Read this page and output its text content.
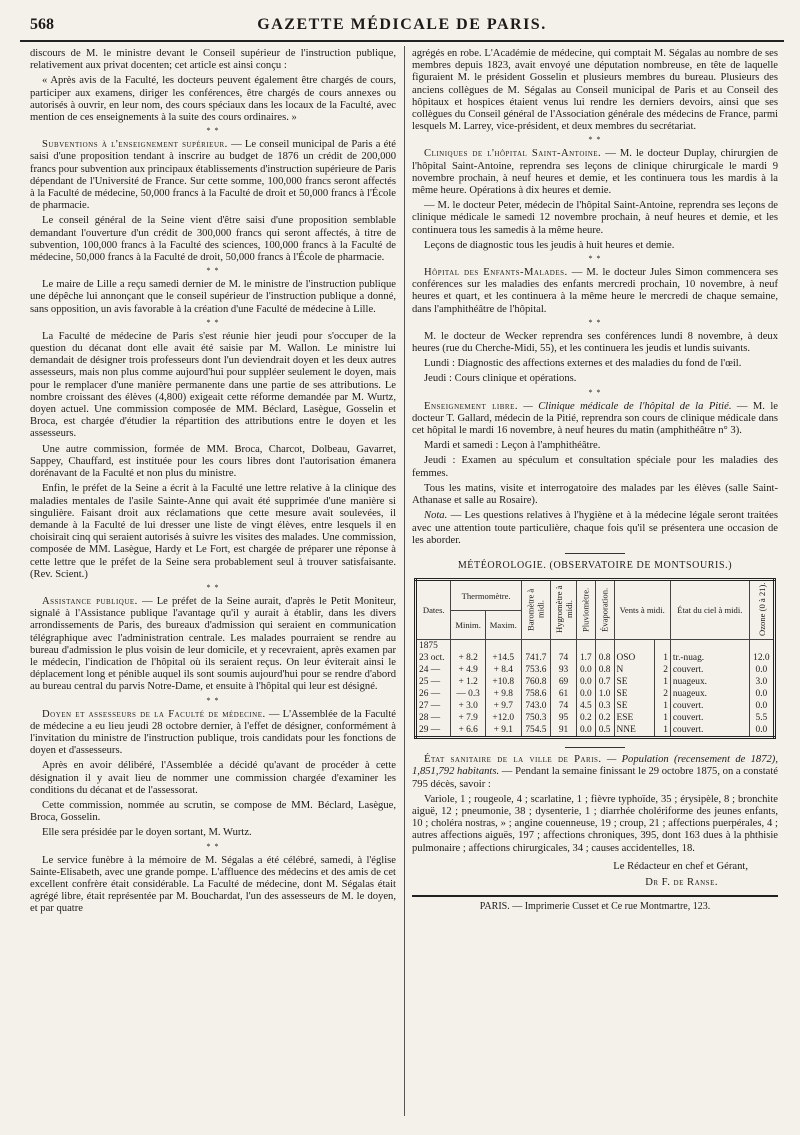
568	GAZETTE MÉDICALE DE PARIS.

discours de M. le ministre devant le Conseil supérieur de l'instruction publique, relativement aux privat docenten; cet article est ainsi conçu :

« Après avis de la Faculté, les docteurs peuvent également être chargés de cours, participer aux examens, diriger les conférences, être chargés de cours annexes ou autorisés à ouvrir, en leur nom, des cours spéciaux dans les locaux de la Faculté, avec mention de ces enseignements à la suite des cours ordinaires. »

* *

Subventions à l'enseignement supérieur. — Le conseil municipal de Paris a été saisi d'une proposition tendant à inscrire au budget de 1876 un crédit de 200,000 francs pour subvention aux principaux établissements d'instruction supérieure de Paris dépendant de l'Université de France. Sur cette somme, 100,000 francs seront affectés à la Faculté de médecine, 50,000 francs à la Faculté de droit et 50,000 francs à l'École de pharmacie.

Le conseil général de la Seine vient d'être saisi d'une proposition semblable demandant l'ouverture d'un crédit de 300,000 francs qui seront affectés, à titre de subvention, 100,000 francs à la Faculté des sciences, 100,000 francs à la Faculté de médecine, 50,000 francs à la Faculté de droit, 50,000 francs à l'École de pharmacie.

* *

Le maire de Lille a reçu samedi dernier de M. le ministre de l'instruction publique une dépêche lui annonçant que le conseil supérieur de l'instruction publique a donné, sans opposition, un avis favorable à la création d'une Faculté de médecine à Lille.

* *

La Faculté de médecine de Paris s'est réunie hier jeudi pour s'occuper de la question du décanat dont elle avait été saisie par M. Wallon. Le ministre lui demandait de désigner trois professeurs dont l'un deviendrait doyen et les deux autres assesseurs, mais non plus comme aujourd'hui pour suppléer seulement le doyen, mais pour le remplacer d'une manière permanente dans une partie de ses attributions. Le nombre croissant des élèves (4,800) exigeait cette réforme demandée par M. Wurtz, doyen actuel. Une commission composée de MM. Béclard, Lasègue, Gosselin et Broca, est chargée d'étudier la répartition des attributions entre le doyen et les assesseurs.

Une autre commission, formée de MM. Broca, Charcot, Dolbeau, Gavarret, Sappey, Chauffard, est instituée pour les cours libres dont l'autorisation émanera dorénavant de la Faculté et non plus du ministre.

Enfin, le préfet de la Seine a écrit à la Faculté une lettre relative à la clinique des maladies mentales de l'asile Sainte-Anne qui avait été supprimée d'une manière si singulière. Faisant droit aux réclamations que cette mesure avait soulevées, il demande à la Faculté de lui dresser une liste de vingt élèves, entre lesquels il en choisirait cinq qui seraient autorisés à suivre les visites des malades. Une commission, composée de MM. Lasègue, Hardy et Le Fort, est chargée de préparer une réponse à cette lettre que le préfet de la Seine sera probablement seul à trouver satisfaisante. (Rev. Scient.)

* *

Assistance publique. — Le préfet de la Seine aurait, d'après le Petit Moniteur, signalé à l'Assistance publique l'avantage qu'il y aurait à établir, dans les divers arrondissements de Paris, des bureaux d'admission qui seraient en communication télégraphique avec l'administration centrale. Les malades pourraient se rendre au bureau d'admission le plus voisin de leur domicile, et y recevraient, après examen par le médecin, l'indication de l'hôpital où ils seraient reçus. On leur éviterait ainsi le déplacement long et pénible auquel ils sont soumis aujourd'hui pour se rendre d'abord au bureau central du parvis Notre-Dame, et ensuite à l'hôpital qui leur est désigné.

* *

Doyen et assesseurs de la Faculté de médecine. — L'Assemblée de la Faculté de médecine a eu lieu jeudi 28 octobre dernier, à l'effet de désigner, conformément à l'invitation du ministre de l'instruction publique, trois candidats pour les fonctions de doyen et d'assesseurs.

Après en avoir délibéré, l'Assemblée a décidé qu'avant de procéder à cette désignation il y avait lieu de nommer une commission chargée d'examiner les conditions du décanat et de l'assessorat.

Cette commission, nommée au scrutin, se compose de MM. Béclard, Lasègue, Broca, Gosselin.

Elle sera présidée par le doyen sortant, M. Wurtz.

* *

Le service funèbre à la mémoire de M. Ségalas a été célébré, samedi, à l'église Sainte-Elisabeth, avec une grande pompe. L'affluence des médecins et des amis de cet excellent confrère était considérable. La Faculté de médecine, dont M. Ségalas était agrégé libre, était représentée par M. Bouchardat, l'un des assesseurs de M. le doyen, et par quatre

agrégés en robe. L'Académie de médecine, qui comptait M. Ségalas au nombre de ses membres depuis 1823, avait envoyé une députation nombreuse, en tête de laquelle figuraient M. le président Gosselin et plusieurs membres du bureau. Plusieurs des anciens collègues de M. Ségalas au Conseil municipal de Paris et au Conseil des hôpitaux et hospices étaient venus lui rendre les derniers devoirs, ainsi que ses collègues du Conseil général de l'Association générale des médecins de France, parmi lesquels M. Larrey, vice-président, et deux membres du secrétariat.

* *

Cliniques de l'hôpital Saint-Antoine. — M. le docteur Duplay, chirurgien de l'hôpital Saint-Antoine, reprendra ses leçons de clinique chirurgicale le mardi 9 novembre prochain, à neuf heures et demie, et les continuera tous les mardis à la même heure. Opérations à dix heures et demie.

— M. le docteur Peter, médecin de l'hôpital Saint-Antoine, reprendra ses leçons de clinique médicale le samedi 12 novembre prochain, à neuf heures et demie, et les continuera tous les samedis à la même heure.

Leçons de diagnostic tous les jeudis à huit heures et demie.

* *

Hôpital des Enfants-Malades. — M. le docteur Jules Simon commencera ses conférences sur les maladies des enfants mercredi prochain, 10 novembre, à neuf heures et quart, et les continuera à la même heure le mercredi de chaque semaine, dans l'amphithéâtre de l'hôpital.

* *

M. le docteur de Wecker reprendra ses conférences lundi 8 novembre, à deux heures (rue du Cherche-Midi, 55), et les continuera les jeudis et lundis suivants.

Lundi : Diagnostic des affections externes et des maladies du fond de l'œil.

Jeudi : Cours clinique et opérations.

* *

Enseignement libre. — Clinique médicale de l'hôpital de la Pitié. — M. le docteur T. Gallard, médecin de la Pitié, reprendra son cours de clinique médicale dans cet hôpital le mardi 16 novembre, à neuf heures du matin (amphithéâtre n° 3).

Mardi et samedi : Leçon à l'amphithéâtre.

Jeudi : Examen au spéculum et consultation spéciale pour les maladies des femmes.

Tous les matins, visite et interrogatoire des malades par les élèves (salle Saint-Athanase et salle au Rosaire).

Nota. — Les questions relatives à l'hygiène et à la médecine légale seront traitées avec une attention toute particulière, chaque fois qu'il se présentera une occasion de les aborder.

MÉTÉOROLOGIE. (OBSERVATOIRE DE MONTSOURIS.)
Dates.	Thermomètre.		Baromètre à midi.	Hygromètre à midi.	Pluviomètre.	Évaporation.	Vents à midi.		État du ciel à midi.	Ozone (0 à 21).
	Minim.	Maxim.								
1875										
23 oct.	+ 8.2	+14.5	741.7	74	1.7	0.8	OSO	1	tr.-nuag.	12.0
24 —	+ 4.9	+ 8.4	753.6	93	0.0	0.8	N	2	couvert.	0.0
25 —	+ 1.2	+10.8	760.8	69	0.0	0.7	SE	1	nuageux.	3.0
26 —	— 0.3	+ 9.8	758.6	61	0.0	1.0	SE	2	nuageux.	0.0
27 —	+ 3.0	+ 9.7	743.0	74	4.5	0.3	SE	1	couvert.	0.0
28 —	+ 7.9	+12.0	750.3	95	0.2	0.2	ESE	1	couvert.	5.5
29 —	+ 6.6	+ 9.1	754.5	91	0.0	0.5	NNE	1	couvert.	0.0

État sanitaire de la ville de Paris. — Population (recensement de 1872), 1,851,792 habitants. — Pendant la semaine finissant le 29 octobre 1875, on a constaté 795 décès, savoir :

Variole, 1 ; rougeole, 4 ; scarlatine, 1 ; fièvre typhoïde, 35 ; érysipèle, 8 ; bronchite aiguë, 12 ; pneumonie, 38 ; dysenterie, 1 ; diarrhée cholériforme des jeunes enfants, 10 ; choléra nostras, » ; angine couenneuse, 19 ; croup, 21 ; affections puerpérales, 4 ; autres affections aiguës, 197 ; affections chroniques, 395, dont 163 dues à la phthisie pulmonaire ; affections chirurgicales, 34 ; causes accidentelles, 18.

Le Rédacteur en chef et Gérant,
Dr F. de Ranse.
PARIS. — Imprimerie Cusset et Ce rue Montmartre, 123.
